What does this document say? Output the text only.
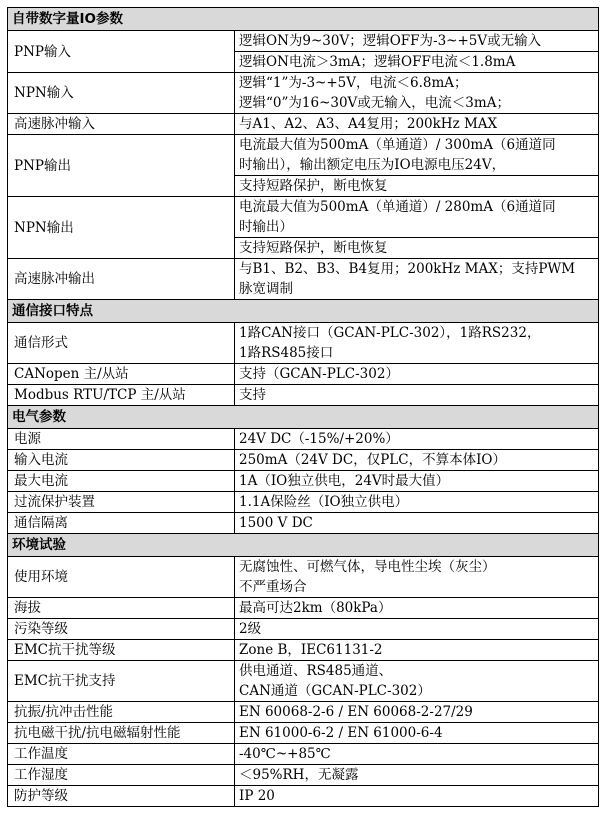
自带数字量IO参数	
PNP输入	逻辑ON为9~30V；逻辑OFF为-3~+5V或无输入

	逻辑ON电流＞3mA；逻辑OFF电流＜1.8mA

NPN输入	逻辑“1”为-3~+5V，电流＜6.8mA；
逻辑“0”为16~30V或无输入，电流＜3mA；

高速脉冲输入	与A1、A2、A3、A4复用；200kHz MAX

PNP输出	电流最大值为500mA（单通道）/ 300mA（6通道同
时输出），输出额定电压为IO电源电压24V，

	支持短路保护，断电恢复

NPN输出	电流最大值为500mA（单通道）/ 280mA（6通道同
时输出）

	支持短路保护，断电恢复

高速脉冲输出	与B1、B2、B3、B4复用；200kHz MAX；支持PWM
脉宽调制

通信接口特点	
通信形式	1路CAN接口（GCAN-PLC-302），1路RS232，
1路RS485接口

CANopen 主/从站	支持（GCAN-PLC-302）

Modbus RTU/TCP 主/从站	支持

电气参数	
电源	24V DC（-15%/+20%）

输入电流	250mA（24V DC，仅PLC，不算本体IO）

最大电流	1A（IO独立供电，24V时最大值）

过流保护装置	1.1A保险丝（IO独立供电）

通信隔离	1500 V DC

环境试验	
使用环境	无腐蚀性、可燃气体，导电性尘埃（灰尘）
不严重场合

海拔	最高可达2km（80kPa）

污染等级	2级

EMC抗干扰等级	Zone B，IEC61131-2

EMC抗干扰支持	供电通道、RS485通道、
CAN通道（GCAN-PLC-302）

抗振/抗冲击性能	EN 60068-2-6 / EN 60068-2-27/29

抗电磁干扰/抗电磁辐射性能	EN 61000-6-2 / EN 61000-6-4

工作温度	-40℃~+85℃

工作湿度	＜95%RH，无凝露

防护等级	IP 20
